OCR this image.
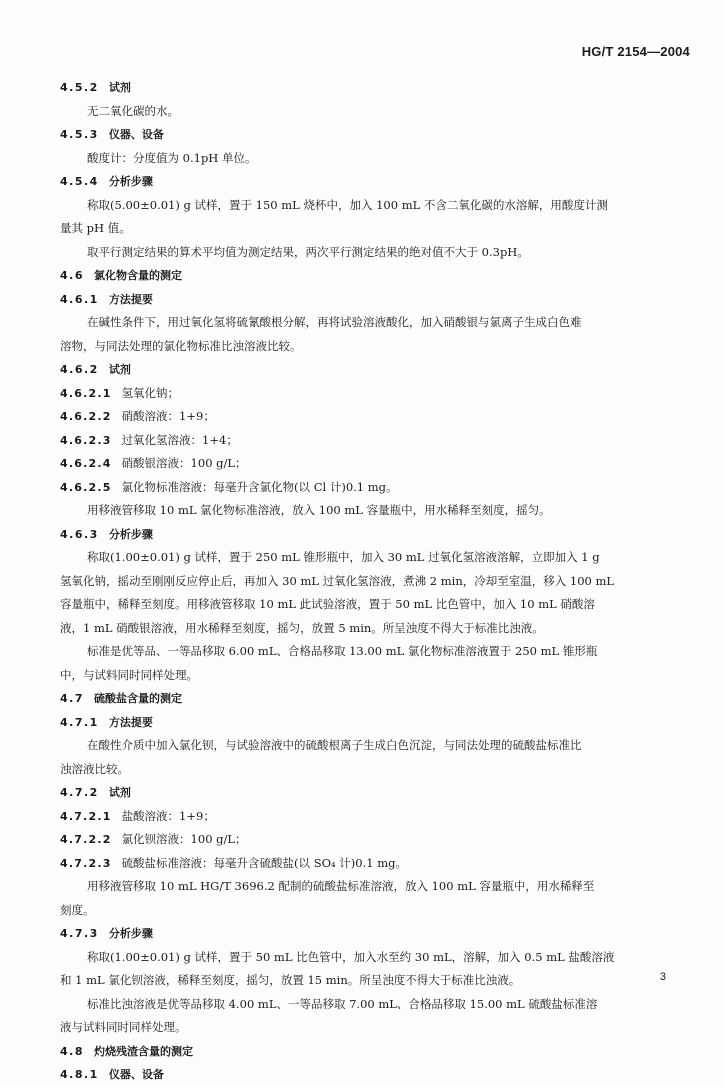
HG/T 2154—2004
4.5.2 试剂
无二氧化碳的水。
4.5.3 仪器、设备
酸度计：分度值为 0.1pH 单位。
4.5.4 分析步骤
称取(5.00±0.01) g 试样，置于 150 mL 烧杯中，加入 100 mL 不含二氧化碳的水溶解，用酸度计测
量其 pH 值。
取平行测定结果的算术平均值为测定结果，两次平行测定结果的绝对值不大于 0.3pH。
4.6 氯化物含量的测定
4.6.1 方法提要
在碱性条件下，用过氧化氢将硫氰酸根分解，再将试验溶液酸化，加入硝酸银与氯离子生成白色难
溶物，与同法处理的氯化物标准比浊溶液比较。
4.6.2 试剂
4.6.2.1 氢氧化钠；
4.6.2.2 硝酸溶液：1+9；
4.6.2.3 过氧化氢溶液：1+4；
4.6.2.4 硝酸银溶液：100 g/L；
4.6.2.5 氯化物标准溶液：每毫升含氯化物(以 Cl 计)0.1 mg。
用移液管移取 10 mL 氯化物标准溶液，放入 100 mL 容量瓶中，用水稀释至刻度，摇匀。
4.6.3 分析步骤
称取(1.00±0.01) g 试样，置于 250 mL 锥形瓶中，加入 30 mL 过氧化氢溶液溶解，立即加入 1 g
氢氧化钠，摇动至刚刚反应停止后，再加入 30 mL 过氧化氢溶液，煮沸 2 min，冷却至室温，移入 100 mL
容量瓶中，稀释至刻度。用移液管移取 10 mL 此试验溶液，置于 50 mL 比色管中，加入 10 mL 硝酸溶
液，1 mL 硝酸银溶液，用水稀释至刻度，摇匀，放置 5 min。所呈浊度不得大于标准比浊液。
标准是优等品、一等品移取 6.00 mL、合格品移取 13.00 mL 氯化物标准溶液置于 250 mL 锥形瓶
中，与试料同时同样处理。
4.7 硫酸盐含量的测定
4.7.1 方法提要
在酸性介质中加入氯化钡，与试验溶液中的硫酸根离子生成白色沉淀，与同法处理的硫酸盐标准比
浊溶液比较。
4.7.2 试剂
4.7.2.1 盐酸溶液：1+9；
4.7.2.2 氯化钡溶液：100 g/L；
4.7.2.3 硫酸盐标准溶液：每毫升含硫酸盐(以 SO₄ 计)0.1 mg。
用移液管移取 10 mL HG/T 3696.2 配制的硫酸盐标准溶液，放入 100 mL 容量瓶中，用水稀释至
刻度。
4.7.3 分析步骤
称取(1.00±0.01) g 试样，置于 50 mL 比色管中，加入水至约 30 mL，溶解，加入 0.5 mL 盐酸溶液
和 1 mL 氯化钡溶液，稀释至刻度，摇匀，放置 15 min。所呈浊度不得大于标准比浊液。
标准比浊溶液是优等品移取 4.00 mL、一等品移取 7.00 mL、合格品移取 15.00 mL 硫酸盐标准溶
液与试料同时同样处理。
4.8 灼烧残渣含量的测定
4.8.1 仪器、设备
3
